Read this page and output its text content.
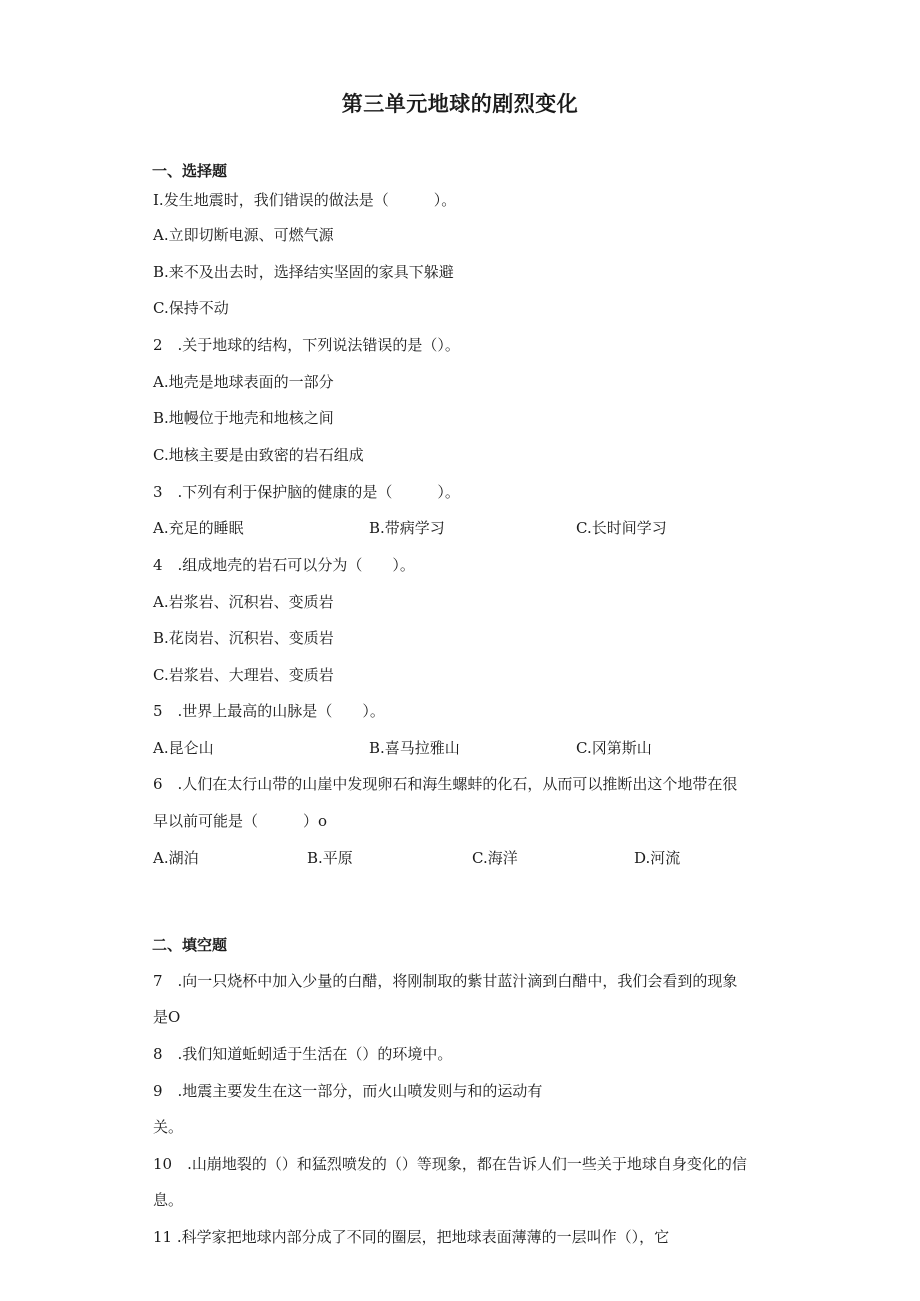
第三单元地球的剧烈变化
一、选择题
I.发生地震时，我们错误的做法是（　　　）。
A.立即切断电源、可燃气源
B.来不及出去时，选择结实坚固的家具下躲避
C.保持不动
2　.关于地球的结构，下列说法错误的是（）。
A.地壳是地球表面的一部分
B.地幔位于地壳和地核之间
C.地核主要是由致密的岩石组成
3　.下列有利于保护脑的健康的是（　　　）。
A.充足的睡眠	B.带病学习	C.长时间学习
4　.组成地壳的岩石可以分为（　　）。
A.岩浆岩、沉积岩、变质岩
B.花岗岩、沉积岩、变质岩
C.岩浆岩、大理岩、变质岩
5　.世界上最高的山脉是（　　）。
A.昆仑山	B.喜马拉雅山	C.冈第斯山
6　.人们在太行山带的山崖中发现卵石和海生螺蚌的化石，从而可以推断出这个地带在很
早以前可能是（　　　）o
A.湖泊	B.平原	C.海洋	D.河流
二、填空题
7　.向一只烧杯中加入少量的白醋，将刚制取的紫甘蓝汁滴到白醋中，我们会看到的现象
是O
8　.我们知道蚯蚓适于生活在（）的环境中。
9　.地震主要发生在这一部分，而火山喷发则与和的运动有
关。
10　.山崩地裂的（）和猛烈喷发的（）等现象，都在告诉人们一些关于地球自身变化的信
息。
11 .科学家把地球内部分成了不同的圈层，把地球表面薄薄的一层叫作（），它
